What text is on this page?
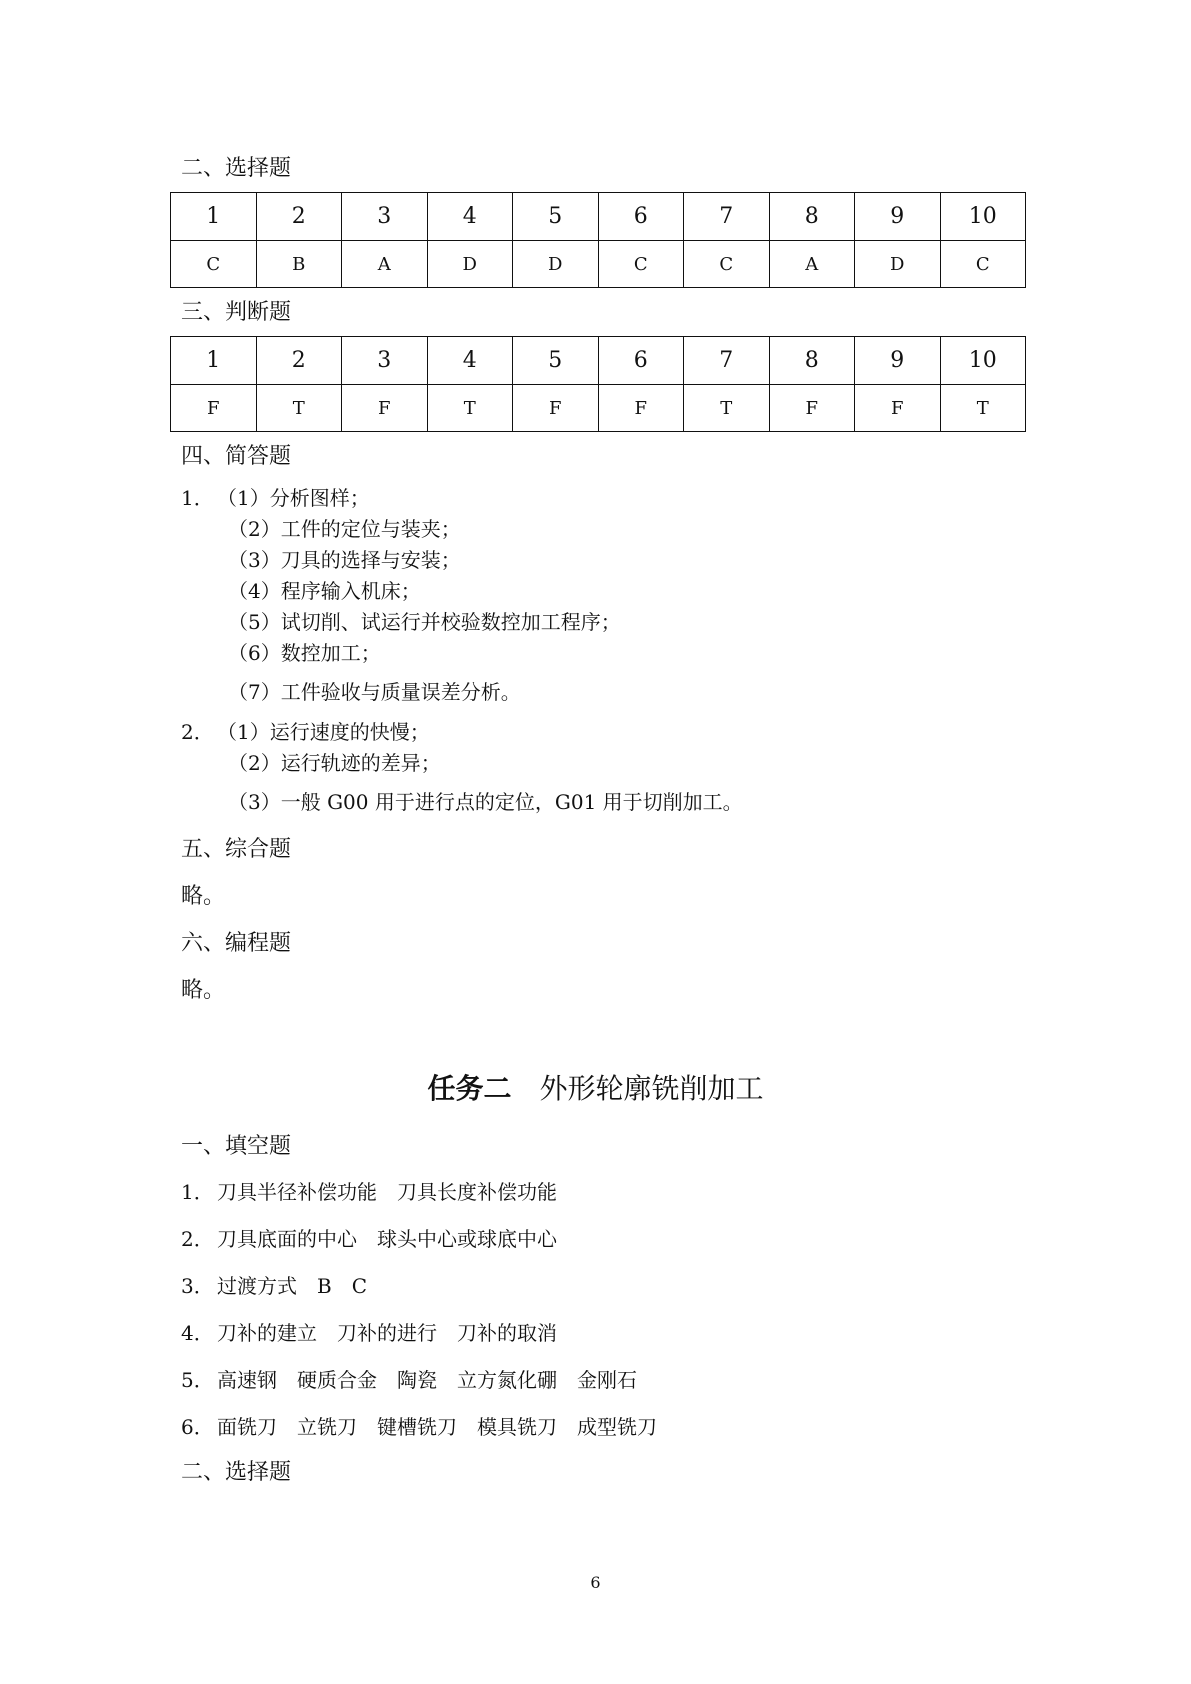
二、选择题
1	2	3	4	5	6	7	8	9	10
C	B	A	D	D	C	C	A	D	C
三、判断题
1	2	3	4	5	6	7	8	9	10
F	T	F	T	F	F	T	F	F	T
四、简答题
1． （1）分析图样；
（2）工件的定位与装夹；
（3）刀具的选择与安装；
（4）程序输入机床；
（5）试切削、试运行并校验数控加工程序；
（6）数控加工；
（7）工件验收与质量误差分析。
2． （1）运行速度的快慢；
（2）运行轨迹的差异；
（3）一般 G00 用于进行点的定位，G01 用于切削加工。
五、综合题
略。
六、编程题
略。
任务二 外形轮廓铣削加工
一、填空题
1． 刀具半径补偿功能　刀具长度补偿功能
2． 刀具底面的中心　球头中心或球底中心
3． 过渡方式　B　C
4． 刀补的建立　刀补的进行　刀补的取消
5． 高速钢　硬质合金　陶瓷　立方氮化硼　金刚石
6． 面铣刀　立铣刀　键槽铣刀　模具铣刀　成型铣刀
二、选择题
6
